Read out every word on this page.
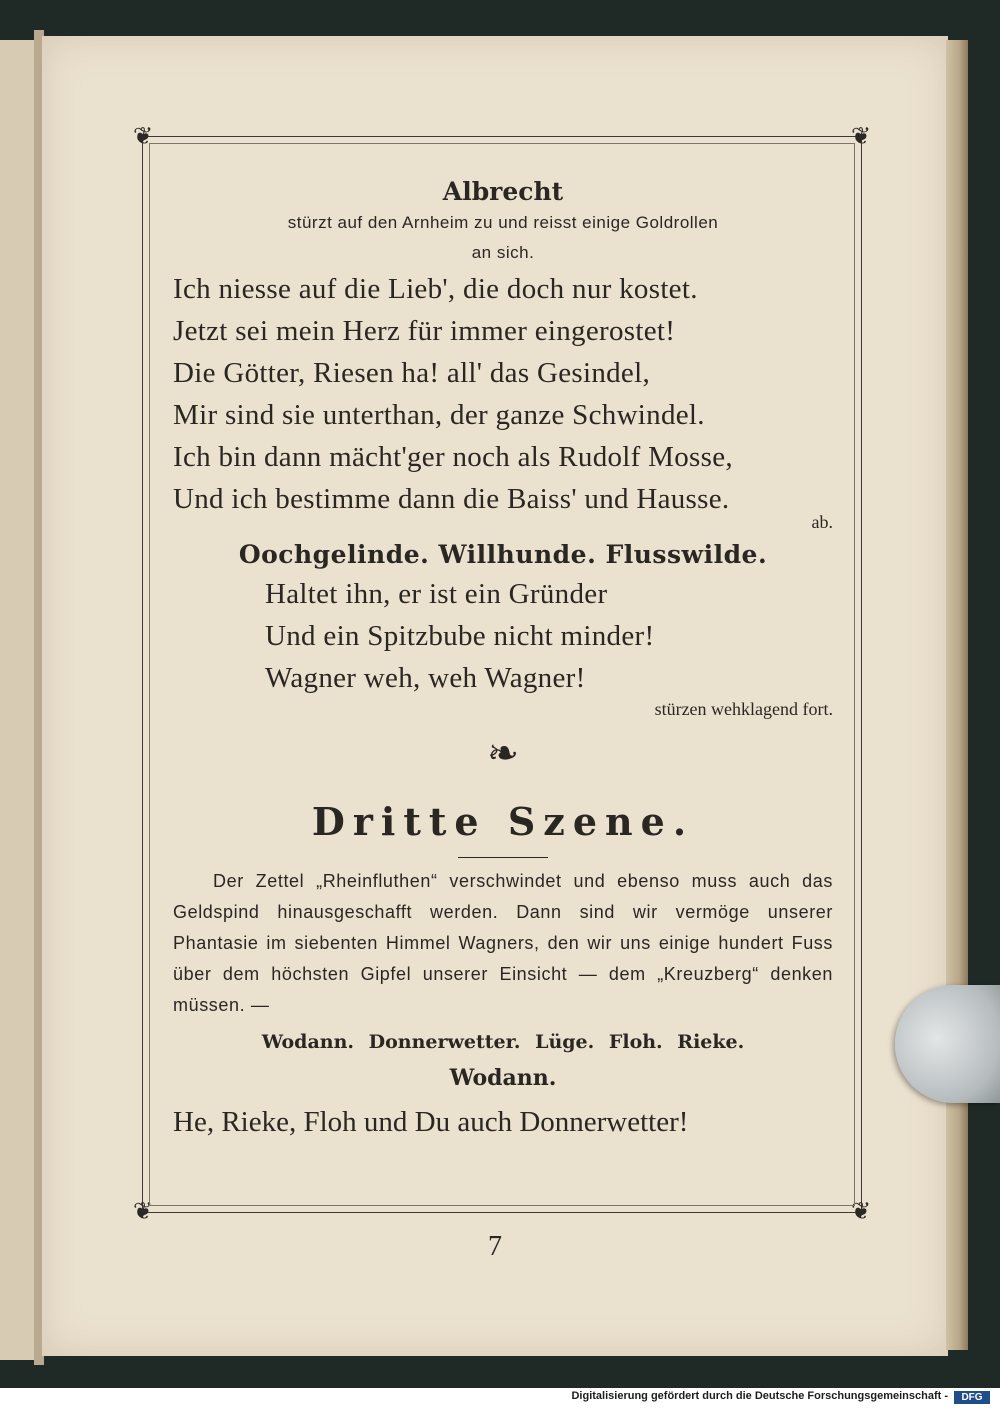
❦	❦
❦	❦

Albrecht

stürzt auf den Arnheim zu und reisst einige Goldrollen
an sich.

Ich niesse auf die Lieb', die doch nur kostet.

Jetzt sei mein Herz für immer eingerostet!

Die Götter, Riesen ha! all' das Gesindel,

Mir sind sie unterthan, der ganze Schwindel.

Ich bin dann mächt'ger noch als Rudolf Mosse,

Und ich bestimme dann die Baiss' und Hausse.

ab.

Oochgelinde. Willhunde. Flusswilde.

Haltet ihn, er ist ein Gründer

Und ein Spitzbube nicht minder!

Wagner weh, weh Wagner!

stürzen wehklagend fort.

❧

Dritte Szene.

Der Zettel „Rheinfluthen“ verschwindet und ebenso muss auch das Geldspind hinausgeschafft werden. Dann sind wir vermöge unserer Phantasie im siebenten Himmel Wagners, den wir uns einige hundert Fuss über dem höchsten Gipfel unserer Einsicht — dem „Kreuzberg“ denken müssen. —

Wodann. Donnerwetter. Lüge. Floh. Rieke.

Wodann.

He, Rieke, Floh und Du auch Donnerwetter!

7
Digitalisierung gefördert durch die Deutsche Forschungsgemeinschaft -	DFG
